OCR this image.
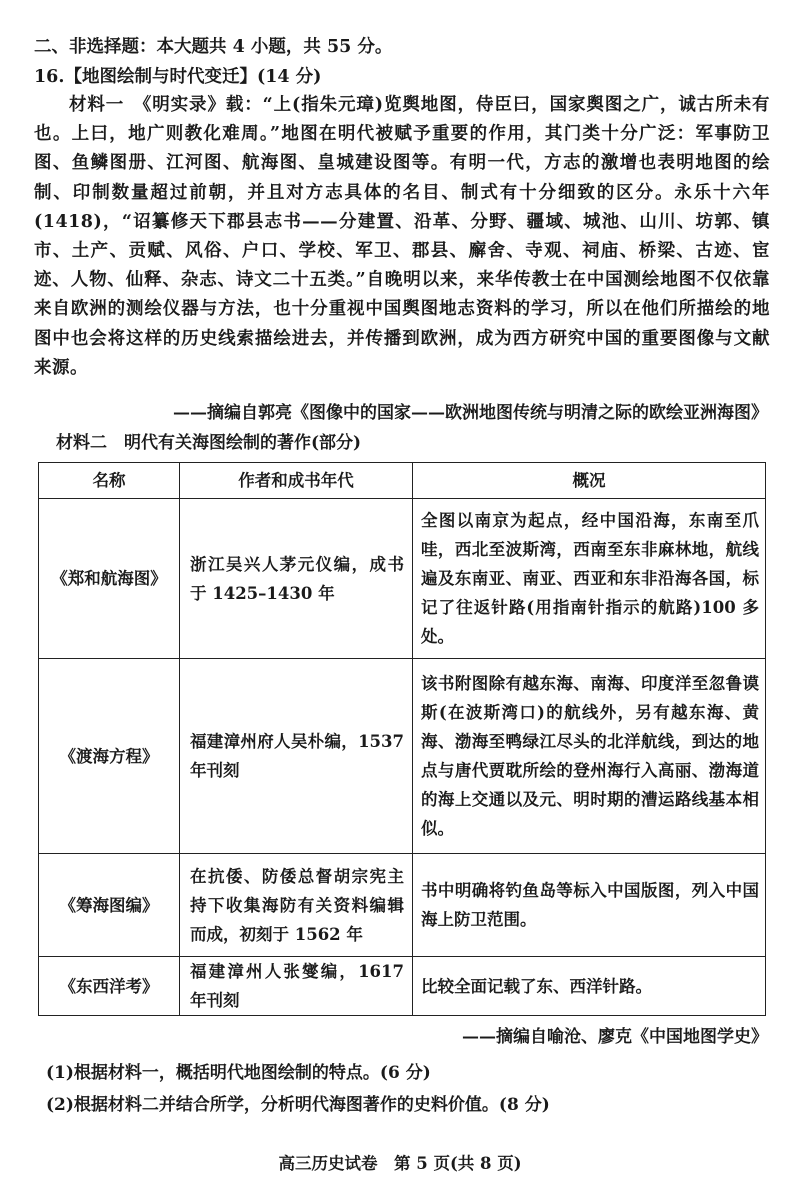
二、非选择题：本大题共 4 小题，共 55 分。
16.【地图绘制与时代变迁】(14 分)
材料一　《明实录》载：“上(指朱元璋)览舆地图，侍臣曰，国家舆图之广，诚古所未有也。上曰，地广则教化难周。”地图在明代被赋予重要的作用，其门类十分广泛：军事防卫图、鱼鳞图册、江河图、航海图、皇城建设图等。有明一代，方志的激增也表明地图的绘制、印制数量超过前朝，并且对方志具体的名目、制式有十分细致的区分。永乐十六年(1418)，“诏纂修天下郡县志书——分建置、沿革、分野、疆域、城池、山川、坊郭、镇市、土产、贡赋、风俗、户口、学校、军卫、郡县、廨舍、寺观、祠庙、桥梁、古迹、宦迹、人物、仙释、杂志、诗文二十五类。”自晚明以来，来华传教士在中国测绘地图不仅依靠来自欧洲的测绘仪器与方法，也十分重视中国舆图地志资料的学习，所以在他们所描绘的地图中也会将这样的历史线索描绘进去，并传播到欧洲，成为西方研究中国的重要图像与文献来源。
——摘编自郭亮《图像中的国家——欧洲地图传统与明清之际的欧绘亚洲海图》
材料二　明代有关海图绘制的著作(部分)
名称	作者和成书年代	概况
《郑和航海图》	浙江吴兴人茅元仪编，成书于 1425–1430 年	全图以南京为起点，经中国沿海，东南至爪哇，西北至波斯湾，西南至东非麻林地，航线遍及东南亚、南亚、西亚和东非沿海各国，标记了往返针路(用指南针指示的航路)100 多处。
《渡海方程》	福建漳州府人吴朴编，1537 年刊刻	该书附图除有越东海、南海、印度洋至忽鲁谟斯(在波斯湾口)的航线外，另有越东海、黄海、渤海至鸭绿江尽头的北洋航线，到达的地点与唐代贾耽所绘的登州海行入高丽、渤海道的海上交通以及元、明时期的漕运路线基本相似。
《筹海图编》	在抗倭、防倭总督胡宗宪主持下收集海防有关资料编辑而成，初刻于 1562 年	书中明确将钓鱼岛等标入中国版图，列入中国海上防卫范围。
《东西洋考》	福建漳州人张燮编，1617 年刊刻	比较全面记载了东、西洋针路。
——摘编自喻沧、廖克《中国地图学史》
(1)根据材料一，概括明代地图绘制的特点。(6 分)
(2)根据材料二并结合所学，分析明代海图著作的史料价值。(8 分)
高三历史试卷　第 5 页(共 8 页)
